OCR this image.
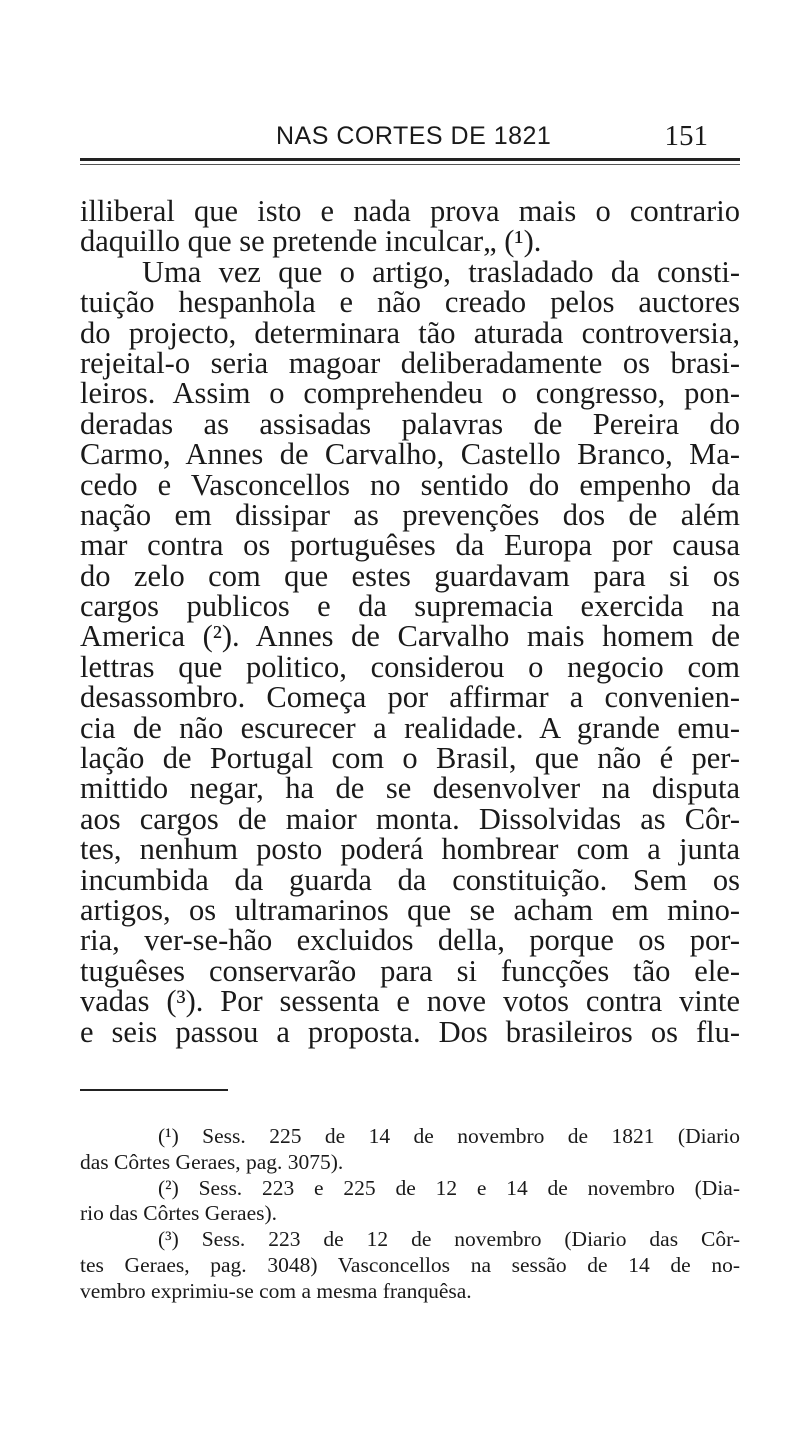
NAS CORTES DE 1821	151
illiberal que isto e nada prova mais o contrario
daquillo que se pretende inculcar„ (¹).
Uma vez que o artigo, trasladado da consti-
tuição hespanhola e não creado pelos auctores
do projecto, determinara tão aturada controversia,
rejeital-o seria magoar deliberadamente os brasi-
leiros. Assim o comprehendeu o congresso, pon-
deradas as assisadas palavras de Pereira do
Carmo, Annes de Carvalho, Castello Branco, Ma-
cedo e Vasconcellos no sentido do empenho da
nação em dissipar as prevenções dos de além
mar contra os portuguêses da Europa por causa
do zelo com que estes guardavam para si os
cargos publicos e da supremacia exercida na
America (²). Annes de Carvalho mais homem de
lettras que politico, considerou o negocio com
desassombro. Começa por affirmar a convenien-
cia de não escurecer a realidade. A grande emu-
lação de Portugal com o Brasil, que não é per-
mittido negar, ha de se desenvolver na disputa
aos cargos de maior monta. Dissolvidas as Côr-
tes, nenhum posto poderá hombrear com a junta
incumbida da guarda da constituição. Sem os
artigos, os ultramarinos que se acham em mino-
ria, ver-se-hão excluidos della, porque os por-
tuguêses conservarão para si funcções tão ele-
vadas (³). Por sessenta e nove votos contra vinte
e seis passou a proposta. Dos brasileiros os flu-
(¹) Sess. 225 de 14 de novembro de 1821 (Diario
das Côrtes Geraes, pag. 3075).
(²) Sess. 223 e 225 de 12 e 14 de novembro (Dia-
rio das Côrtes Geraes).
(³) Sess. 223 de 12 de novembro (Diario das Côr-
tes Geraes, pag. 3048) Vasconcellos na sessão de 14 de no-
vembro exprimiu-se com a mesma franquêsa.
